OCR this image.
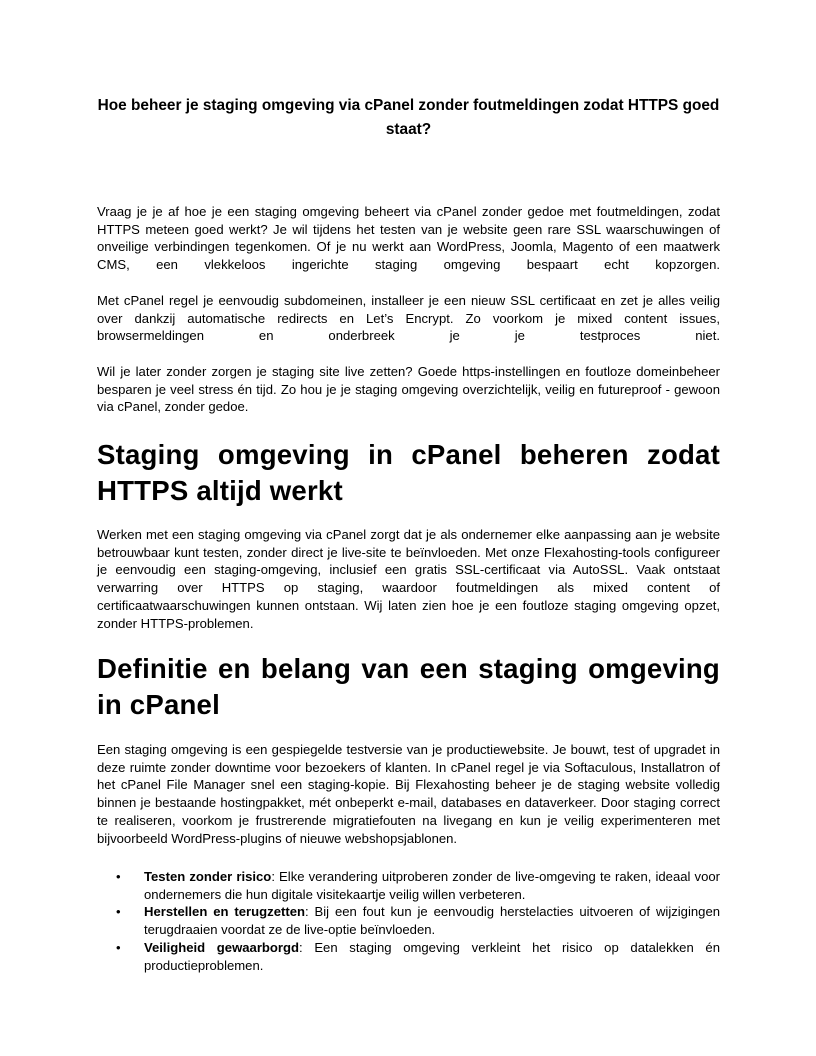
Hoe beheer je staging omgeving via cPanel zonder foutmeldingen zodat HTTPS goed staat?

Vraag je je af hoe je een staging omgeving beheert via cPanel zonder gedoe met foutmeldingen, zodat HTTPS meteen goed werkt? Je wil tijdens het testen van je website geen rare SSL waarschuwingen of onveilige verbindingen tegenkomen. Of je nu werkt aan WordPress, Joomla, Magento of een maatwerk CMS, een vlekkeloos ingerichte staging omgeving bespaart echt kopzorgen.

Met cPanel regel je eenvoudig subdomeinen, installeer je een nieuw SSL certificaat en zet je alles veilig over dankzij automatische redirects en Let’s Encrypt. Zo voorkom je mixed content issues, browsermeldingen en onderbreek je je testproces niet.

Wil je later zonder zorgen je staging site live zetten? Goede https-instellingen en foutloze domeinbeheer besparen je veel stress én tijd. Zo hou je je staging omgeving overzichtelijk, veilig en futureproof - gewoon via cPanel, zonder gedoe.

Staging omgeving in cPanel beheren zodat HTTPS altijd werkt

Werken met een staging omgeving via cPanel zorgt dat je als ondernemer elke aanpassing aan je website betrouwbaar kunt testen, zonder direct je live-site te beïnvloeden. Met onze Flexahosting-tools configureer je eenvoudig een staging-omgeving, inclusief een gratis SSL-certificaat via AutoSSL. Vaak ontstaat verwarring over HTTPS op staging, waardoor foutmeldingen als mixed content of certificaatwaarschuwingen kunnen ontstaan. Wij laten zien hoe je een foutloze staging omgeving opzet, zonder HTTPS-problemen.

Definitie en belang van een staging omgeving in cPanel

Een staging omgeving is een gespiegelde testversie van je productiewebsite. Je bouwt, test of upgradet in deze ruimte zonder downtime voor bezoekers of klanten. In cPanel regel je via Softaculous, Installatron of het cPanel File Manager snel een staging-kopie. Bij Flexahosting beheer je de staging website volledig binnen je bestaande hostingpakket, mét onbeperkt e-mail, databases en dataverkeer. Door staging correct te realiseren, voorkom je frustrerende migratiefouten na livegang en kun je veilig experimenteren met bijvoorbeeld WordPress-plugins of nieuwe webshopsjablonen.

•	Testen zonder risico: Elke verandering uitproberen zonder de live-omgeving te raken, ideaal voor ondernemers die hun digitale visitekaartje veilig willen verbeteren.
•	Herstellen en terugzetten: Bij een fout kun je eenvoudig herstelacties uitvoeren of wijzigingen terugdraaien voordat ze de live-optie beïnvloeden.
•	Veiligheid gewaarborgd: Een staging omgeving verkleint het risico op datalekken én productieproblemen.
